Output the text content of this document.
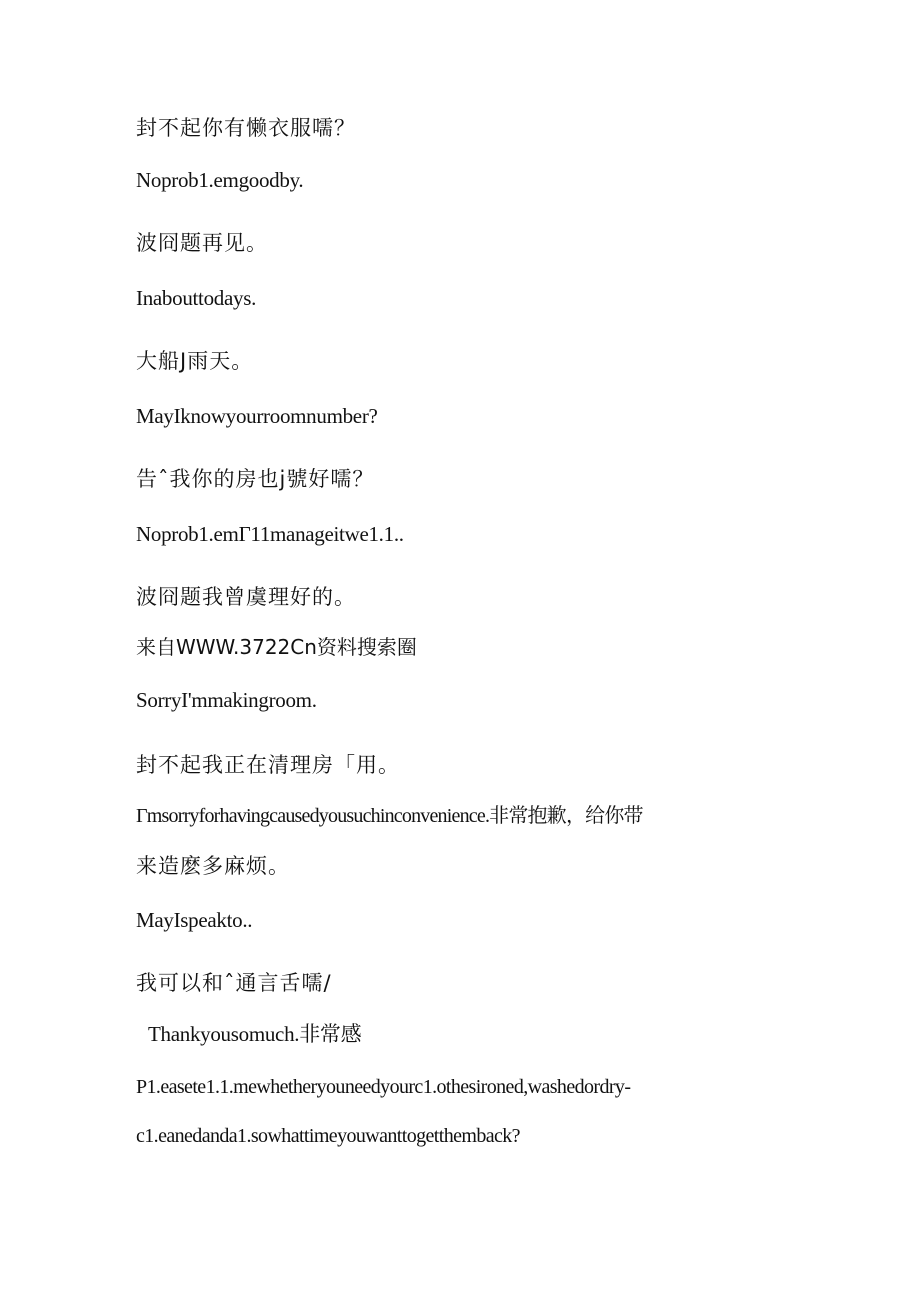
封不起你有懒衣服嚅？
Noprob1.emgoodby.
波冏题再见。
Inabouttodays.
大船J雨天。
MayIknowyourroomnumber?
告ˆ我你的房也j號好嚅？
Noprob1.emΓ11manageitwe1.1..
波冏题我曾虞理好的。
来自WWW.3722Cn资料搜索圈
SorryI'mmakingroom.
封不起我正在清理房「用。
Γmsorryforhavingcausedyousuchinconvenience.非常抱歉，给你带
来造麽多麻烦。
MayIspeakto..
我可以和ˆ通言舌嚅/
Thankyousomuch.非常感
P1.easete1.1.mewhetheryouneedyourc1.othesironed,washedordry-
c1.eanedanda1.sowhattimeyouwanttogetthemback?
